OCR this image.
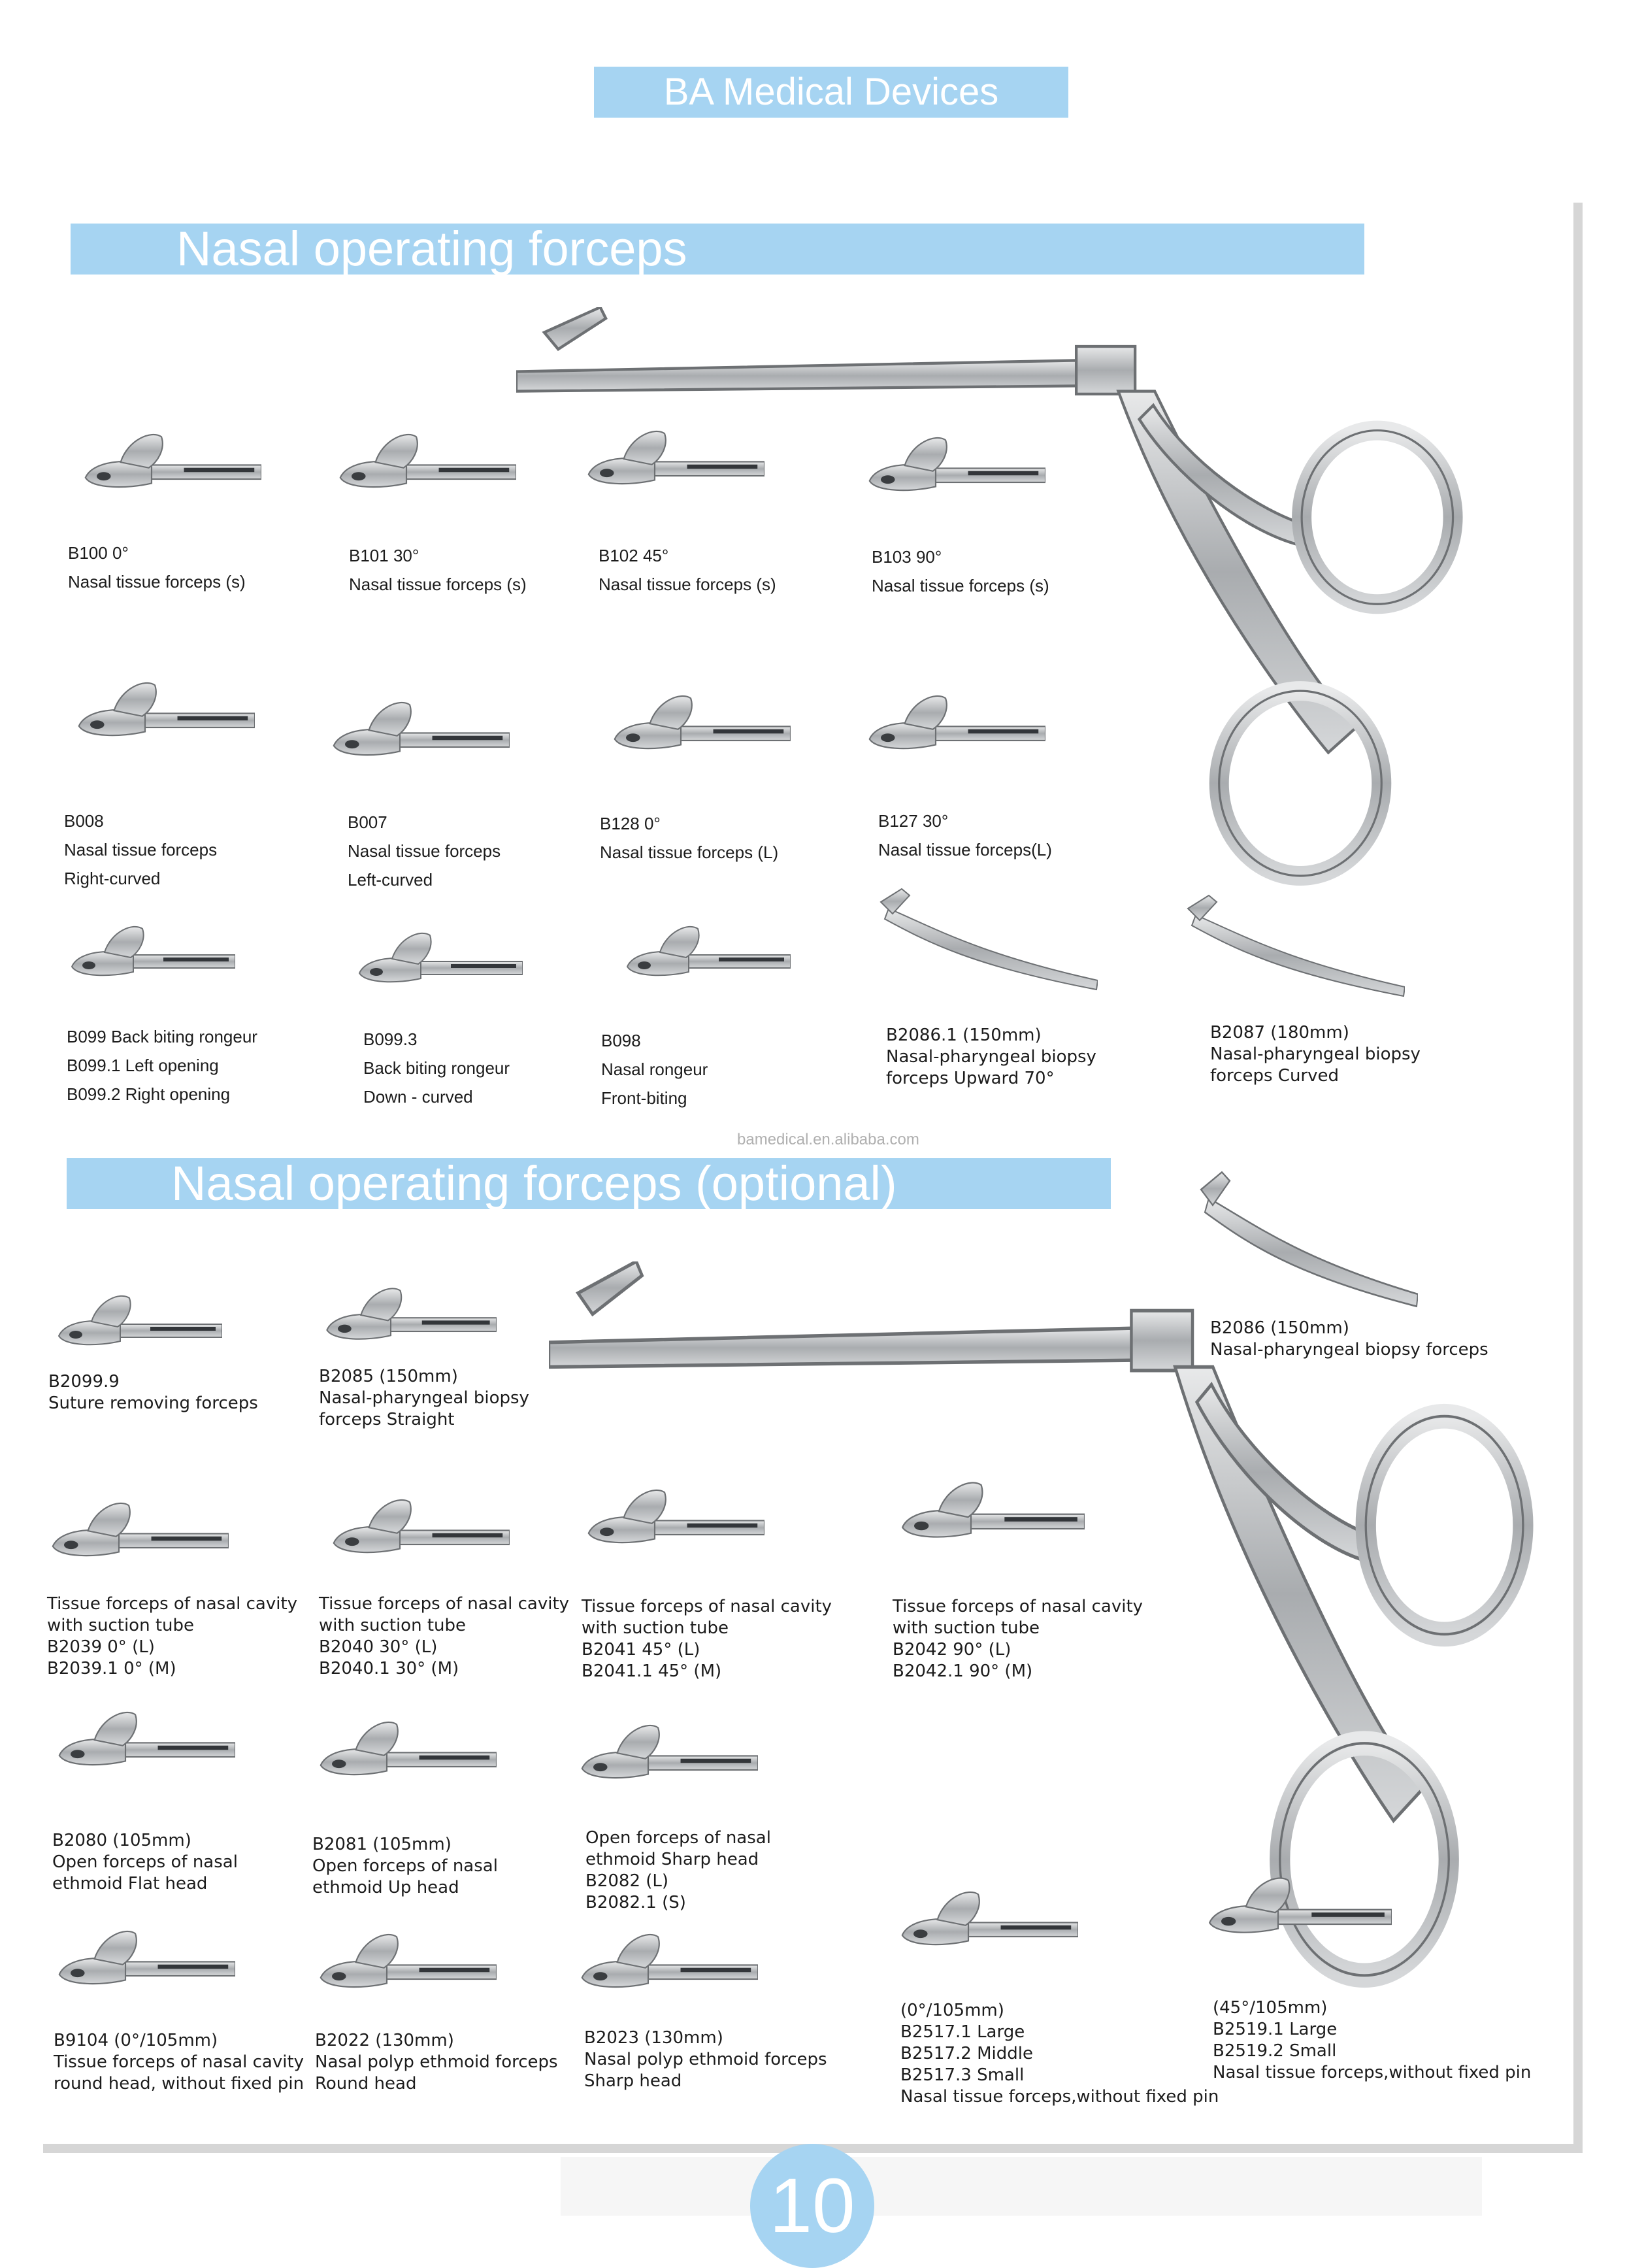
BA Medical Devices
Nasal operating forceps
B100 0°
Nasal tissue forceps (s)
B101 30°
Nasal tissue forceps (s)
B102 45°
Nasal tissue forceps (s)
B103 90°
Nasal tissue forceps (s)
B008
Nasal tissue forceps
Right-curved
B007
Nasal tissue forceps
Left-curved
B128 0°
Nasal tissue forceps (L)
B127 30°
Nasal tissue forceps(L)
B099 Back biting rongeur
B099.1 Left opening
B099.2 Right opening
B099.3
Back biting rongeur
Down - curved
B098
Nasal rongeur
Front-biting
B2086.1 (150mm)
Nasal-pharyngeal biopsy
forceps Upward 70°
B2087 (180mm)
Nasal-pharyngeal biopsy
forceps Curved
bamedical.en.alibaba.com
Nasal operating forceps (optional)
B2099.9
Suture removing forceps
B2085 (150mm)
Nasal-pharyngeal biopsy
forceps Straight
B2086 (150mm)
Nasal-pharyngeal biopsy forceps
Tissue forceps of nasal cavity
with suction tube
B2039 0° (L)
B2039.1 0° (M)
Tissue forceps of nasal cavity
with suction tube
B2040 30° (L)
B2040.1 30° (M)
Tissue forceps of nasal cavity
with suction tube
B2041 45° (L)
B2041.1 45° (M)
Tissue forceps of nasal cavity
with suction tube
B2042 90° (L)
B2042.1 90° (M)
B2080 (105mm)
Open forceps of nasal
ethmoid Flat head
B2081 (105mm)
Open forceps of nasal
ethmoid Up head
Open forceps of nasal
ethmoid Sharp head
B2082 (L)
B2082.1 (S)
B9104 (0°/105mm)
Tissue forceps of nasal cavity
round head, without fixed pin
B2022 (130mm)
Nasal polyp ethmoid forceps
Round head
B2023 (130mm)
Nasal polyp ethmoid forceps
Sharp head
(0°/105mm)
B2517.1 Large
B2517.2 Middle
B2517.3 Small
Nasal tissue forceps,without fixed pin
(45°/105mm)
B2519.1 Large
B2519.2 Small
Nasal tissue forceps,without fixed pin
10
